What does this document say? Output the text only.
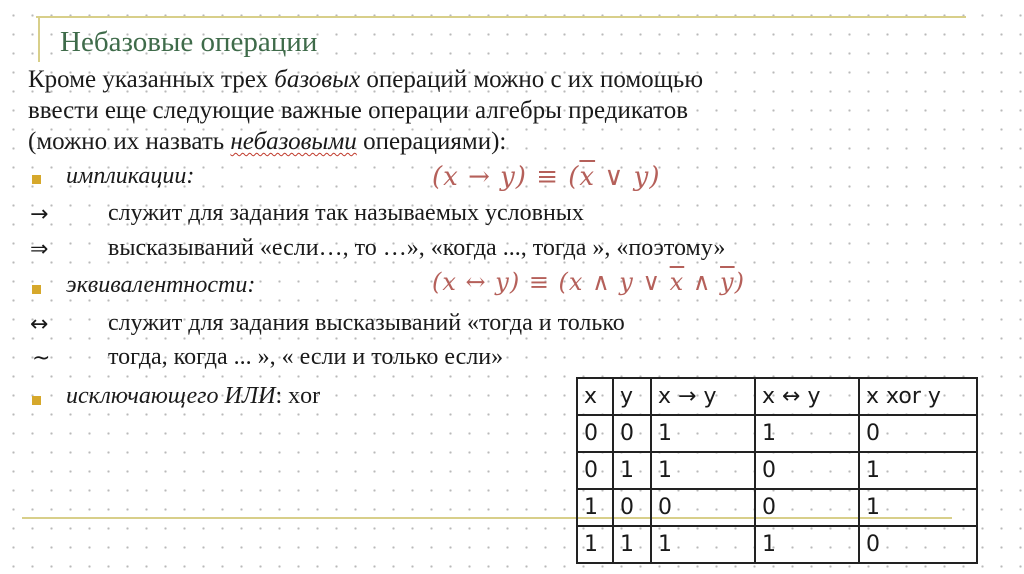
Небазовые операции
Кроме указанных трех базовых операций можно с их помощью
ввести еще следующие важные операции алгебры предикатов
(можно их назвать небазовыми операциями):
импликации:	$(x \to y) \equiv (\overline{x}$ ∨ y)
→ служит для задания так называемых условных
⇒ высказываний «если…, то …», «когда ..., тогда », «поэтому»
эквивалентности:	(x ↔ y) ≡ (x ∧ y ∨ $\overline{x}$ ∧ $\overline{y}$)
↔ служит для задания высказываний «тогда и только
~ тогда, когда ... », « если и только если»
исключающего ИЛИ: xor	x	y	x → y	x ↔ y	x xor y
0	0	1	1	0
0	1	1	0	1
1	0	0	0	1
1	1	1	1	0
